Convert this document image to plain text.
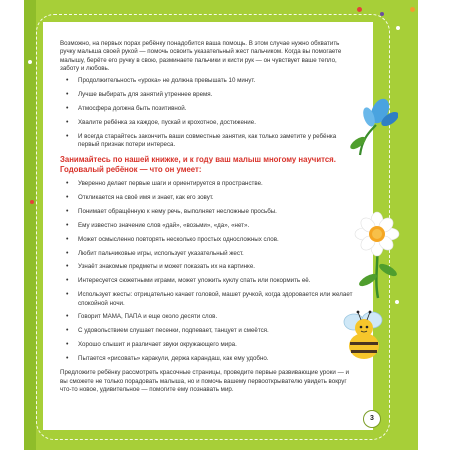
Возможно, на первых порах ребёнку понадобится ваша помощь. В этом случае нужно обхватить ручку малыша своей рукой — помочь освоить указательный жест пальчиком. Когда вы помогаете малышу, берёте его ручку в свою, разминаете пальчики и кисти рук — он чувствует ваше тепло, заботу и любовь.

• Продолжительность «урока» не должна превышать 10 минут.
• Лучше выбирать для занятий утреннее время.
• Атмосфера должна быть позитивной.
• Хвалите ребёнка за каждое, пускай и крохотное, достижение.
• И всегда старайтесь закончить ваши совместные занятия, как только заметите у ребёнка первый признак потери интереса.
Занимайтесь по нашей книжке, и к году ваш малыш многому научится. Годовалый ребёнок — что он умеет:
• Уверенно делает первые шаги и ориентируется в пространстве.
• Откликается на своё имя и знает, как его зовут.
• Понимает обращённую к нему речь, выполняет несложные просьбы.
• Ему известно значение слов «дай», «возьми», «да», «нет».
• Может осмысленно повторять несколько простых односложных слов.
• Любит пальчиковые игры, использует указательный жест.
• Узнаёт знакомые предметы и может показать их на картинке.
• Интересуется сюжетными играми, может уложить куклу спать или покормить её.
• Использует жесты: отрицательно качает головой, машет ручкой, когда здоровается или желает спокойной ночи.
• Говорит МАМА, ПАПА и еще около десяти слов.
• С удовольствием слушает песенки, подпевает, танцует и смеётся.
• Хорошо слышит и различает звуки окружающего мира.
• Пытается «рисовать» каракули, держа карандаш, как ему удобно.

Предложите ребёнку рассмотреть красочные страницы, проведите первые развивающие уроки — и вы сможете не только порадовать малыша, но и помочь вашему первооткрывателю увидеть вокруг что-то новое, удивительное — помогите ему познавать мир.

3
